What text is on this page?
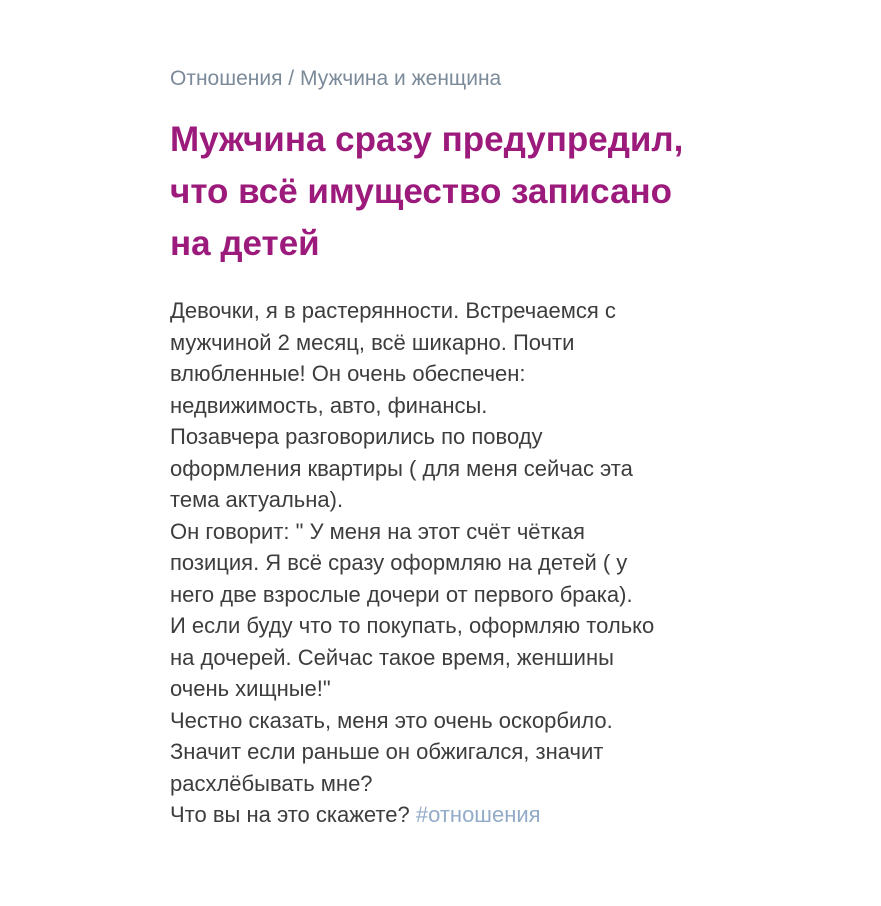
Отношения / Мужчина и женщина
Мужчина сразу предупредил,
что всё имущество записано
на детей
Девочки, я в растерянности. Встречаемся с
мужчиной 2 месяц, всё шикарно. Почти
влюбленные! Он очень обеспечен:
недвижимость, авто, финансы.
Позавчера разговорились по поводу
оформления квартиры ( для меня сейчас эта
тема актуальна).
Он говорит: " У меня на этот счёт чёткая
позиция. Я всё сразу оформляю на детей ( у
него две взрослые дочери от первого брака).
И если буду что то покупать, оформляю только
на дочерей. Сейчас такое время, женшины
очень хищные!"
Честно сказать, меня это очень оскорбило.
Значит если раньше он обжигался, значит
расхлёбывать мне?
Что вы на это скажете? #отношения
